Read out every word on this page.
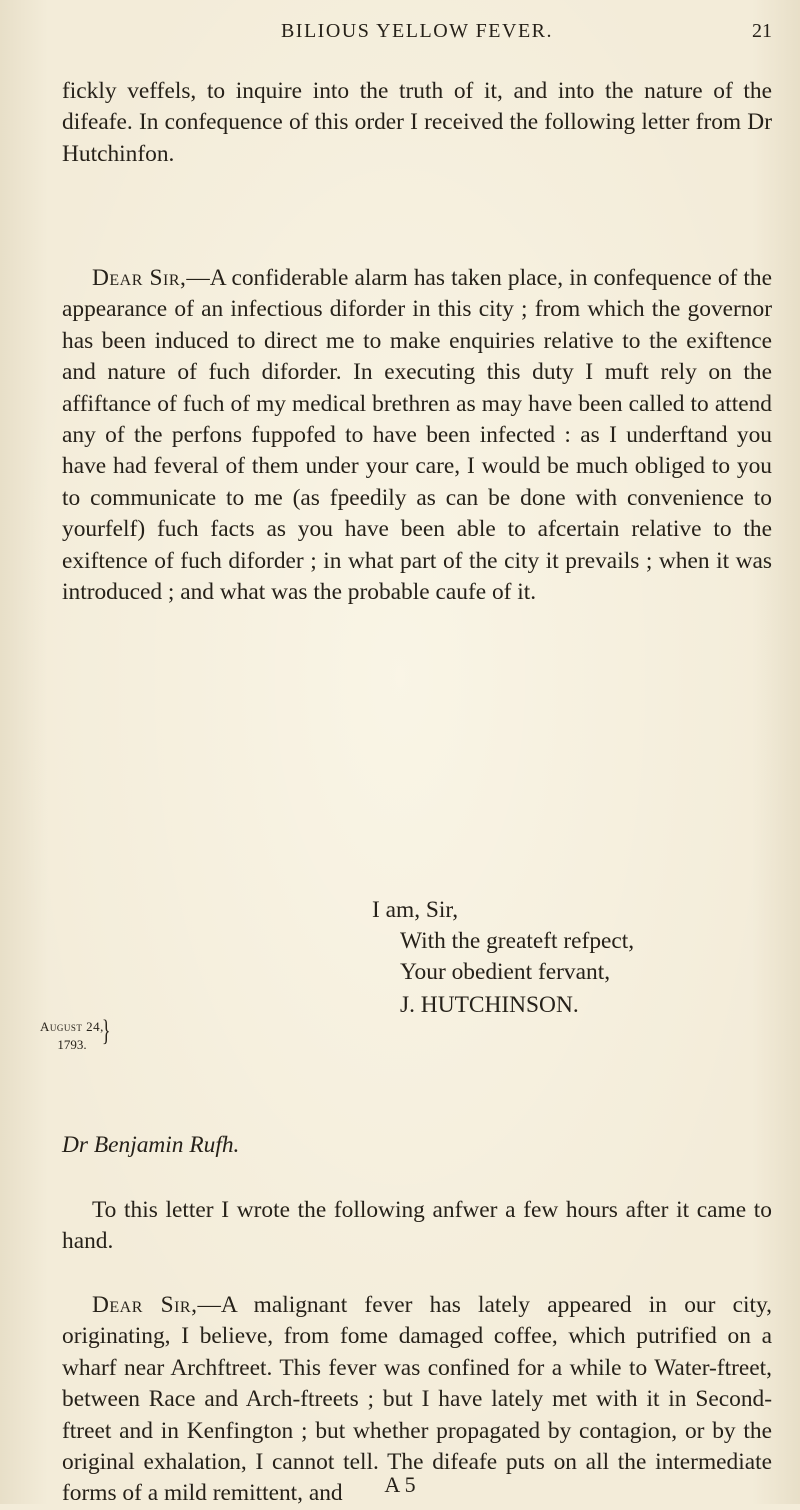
BILIOUS YELLOW FEVER.	21

fickly veffels, to inquire into the truth of it, and into the nature of the difeafe. In confequence of this order I received the following letter from Dr Hutchinfon.

Dear Sir,—A confiderable alarm has taken place, in confequence of the appearance of an infectious diforder in this city ; from which the governor has been induced to direct me to make enquiries relative to the exiftence and nature of fuch diforder. In executing this duty I muft rely on the affiftance of fuch of my medical brethren as may have been called to attend any of the perfons fuppofed to have been infected : as I underftand you have had feveral of them under your care, I would be much obliged to you to communicate to me (as fpeedily as can be done with convenience to yourfelf) fuch facts as you have been able to afcertain relative to the exiftence of fuch diforder ; in what part of the city it prevails ; when it was introduced ; and what was the probable caufe of it.

I am, Sir,
With the greateft refpect,
Your obedient fervant,
J. HUTCHINSON.
August 24,
1793. }
Dr Benjamin Rufh.

To this letter I wrote the following anfwer a few hours after it came to hand.

Dear Sir,—A malignant fever has lately appeared in our city, originating, I believe, from fome damaged coffee, which putrified on a wharf near Archftreet. This fever was confined for a while to Water-ftreet, between Race and Arch-ftreets ; but I have lately met with it in Second-ftreet and in Kenfington ; but whether propagated by contagion, or by the original exhalation, I cannot tell. The difeafe puts on all the intermediate forms of a mild remittent, and	A 5
